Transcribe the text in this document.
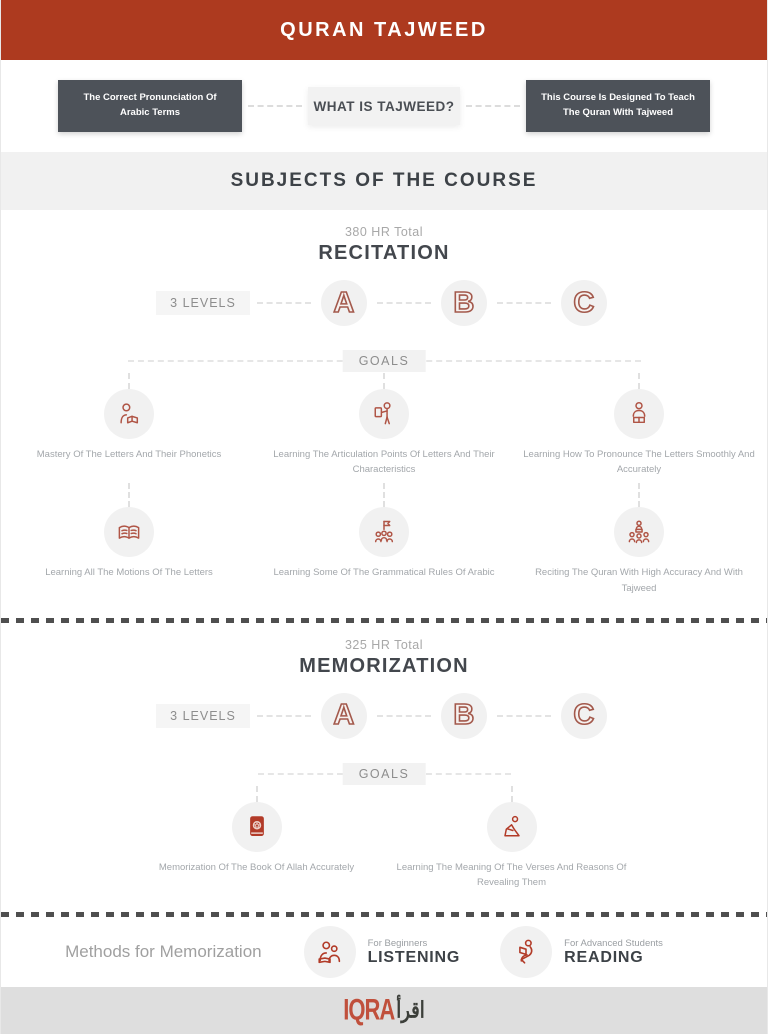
QURAN TAJWEED
The Correct Pronunciation Of Arabic Terms	WHAT IS TAJWEED?
This Course Is Designed To Teach The Quran With Tajweed
SUBJECTS OF THE COURSE
380 HR Total
RECITATION
3 LEVELS	A	B	C
GOALS
Mastery Of The Letters And Their Phonetics	Learning The Articulation Points Of Letters And Their Characteristics
Learning How To Pronounce The Letters Smoothly And Accurately
Learning All The Motions Of The Letters	Learning Some Of The Grammatical Rules Of Arabic	Reciting The Quran With High Accuracy And With Tajweed
325 HR Total
MEMORIZATION
3 LEVELS	A	B	C
GOALS
Memorization Of The Book Of Allah Accurately	Learning The Meaning Of The Verses And Reasons Of Revealing Them
Methods for Memorization	For Beginners
LISTENING
For Advanced Students
READING
IQRA اقرأ
